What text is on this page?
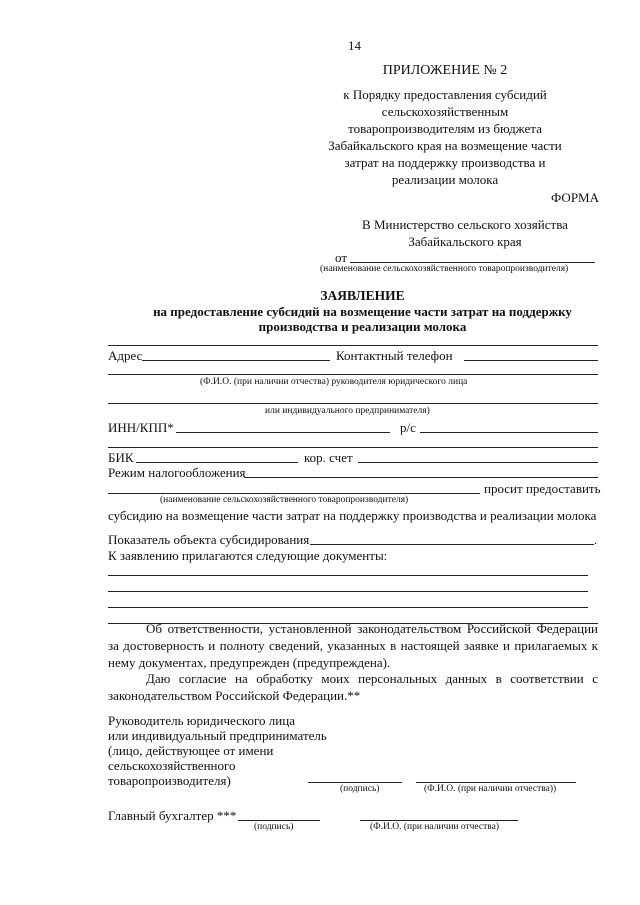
14
ПРИЛОЖЕНИЕ № 2
к Порядку предоставления субсидий
сельскохозяйственным
товаропроизводителям из бюджета
Забайкальского края на возмещение части
затрат на поддержку производства и
реализации молока
ФОРМА
В Министерство сельского хозяйства
Забайкальского края
от
(наименование сельскохозяйственного товаропроизводителя)
ЗАЯВЛЕНИЕ
на предоставление субсидий на возмещение части затрат на поддержку
производства и реализации молока
Адрес	Контактный телефон
(Ф.И.О. (при наличии отчества) руководителя юридического лица
или индивидуального предпринимателя)
ИНН/КПП*	р/с
БИК	кор. счет
Режим налогообложения
просит предоставить
(наименование сельскохозяйственного товаропроизводителя)
субсидию на возмещение части затрат на поддержку производства и реализации молока
Показатель объекта субсидирования	.
К заявлению прилагаются следующие документы:
Об ответственности, установленной законодательством Российской Федерации за достоверность и полноту сведений, указанных в настоящей заявке и прилагаемых к нему документах, предупрежден (предупреждена).
Даю согласие на обработку моих персональных данных в соответствии с законодательством Российской Федерации.**
Руководитель юридического лица
или индивидуальный предприниматель
(лицо, действующее от имени
сельскохозяйственного
товаропроизводителя)
(подпись)	(Ф.И.О. (при наличии отчества))
Главный бухгалтер ***
(подпись)	(Ф.И.О. (при наличии отчества)
